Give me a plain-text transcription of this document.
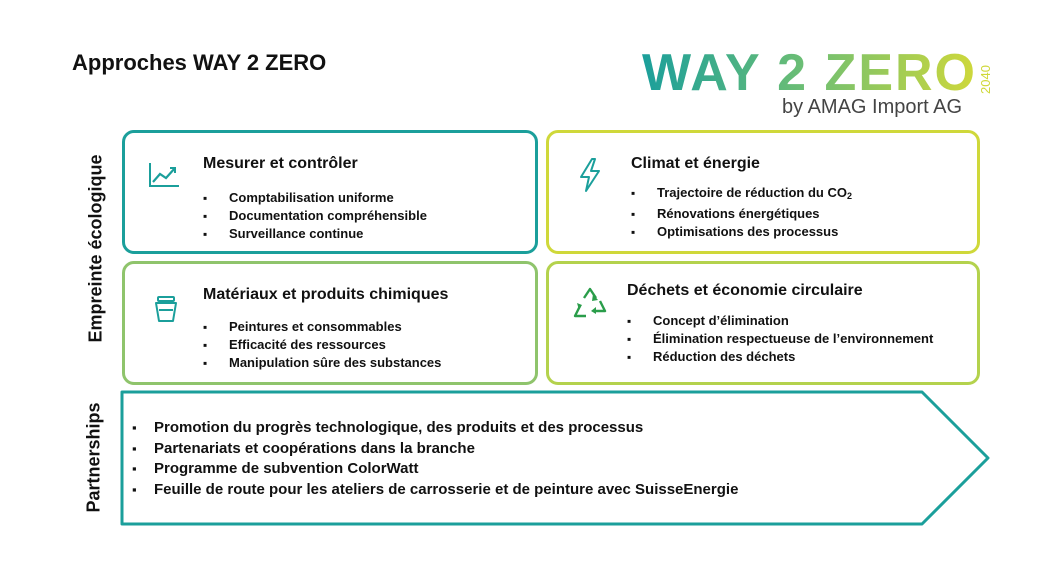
Approches WAY 2 ZERO	WAY 2 ZERO 2040
by AMAG Import AG
Empreinte écologique
Partnerships
Mesurer et contrôler
▪ Comptabilisation uniforme
▪ Documentation compréhensible
▪ Surveillance continue
Climat et énergie
▪ Trajectoire de réduction du $CO_2$
▪ Rénovations énergétiques
▪ Optimisations des processus
Matériaux et produits chimiques
▪ Peintures et consommables
▪ Efficacité des ressources
▪ Manipulation sûre des substances
Déchets et économie circulaire
▪ Concept d’élimination
▪ Élimination respectueuse de l’environnement
▪ Réduction des déchets
▪ Promotion du progrès technologique, des produits et des processus
▪ Partenariats et coopérations dans la branche
▪ Programme de subvention ColorWatt
▪ Feuille de route pour les ateliers de carrosserie et de peinture avec SuisseEnergie
